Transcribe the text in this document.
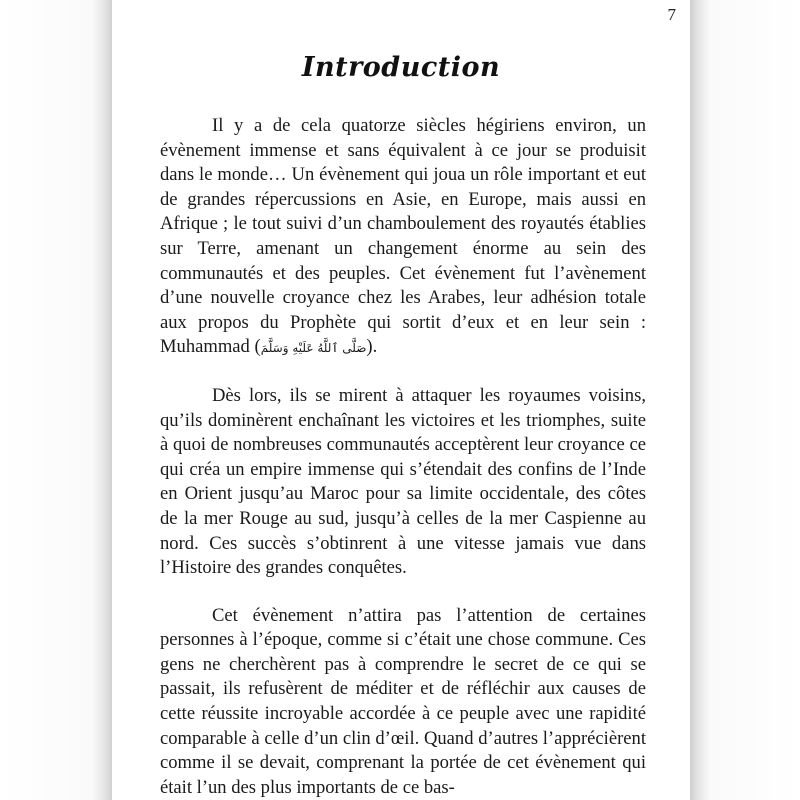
7
Introduction

Il y a de cela quatorze siècles hégiriens environ, un évènement immense et sans équivalent à ce jour se produisit dans le monde… Un évènement qui joua un rôle important et eut de grandes répercussions en Asie, en Europe, mais aussi en Afrique ; le tout suivi d’un chamboulement des royautés établies sur Terre, amenant un changement énorme au sein des communautés et des peuples. Cet évènement fut l’avènement d’une nouvelle croyance chez les Arabes, leur adhésion totale aux propos du Prophète qui sortit d’eux et en leur sein : Muhammad (صَلَّى ٱللَّهُ عَلَيْهِ وَسَلَّمَ).

Dès lors, ils se mirent à attaquer les royaumes voisins, qu’ils dominèrent enchaînant les victoires et les triomphes, suite à quoi de nombreuses communautés acceptèrent leur croyance ce qui créa un empire immense qui s’étendait des confins de l’Inde en Orient jusqu’au Maroc pour sa limite occidentale, des côtes de la mer Rouge au sud, jusqu’à celles de la mer Caspienne au nord. Ces succès s’obtinrent à une vitesse jamais vue dans l’Histoire des grandes conquêtes.

Cet évènement n’attira pas l’attention de certaines personnes à l’époque, comme si c’était une chose commune. Ces gens ne cherchèrent pas à comprendre le secret de ce qui se passait, ils refusèrent de méditer et de réfléchir aux causes de cette réussite incroyable accordée à ce peuple avec une rapidité comparable à celle d’un clin d’œil. Quand d’autres l’apprécièrent comme il se devait, comprenant la portée de cet évènement qui était l’un des plus importants de ce bas-
